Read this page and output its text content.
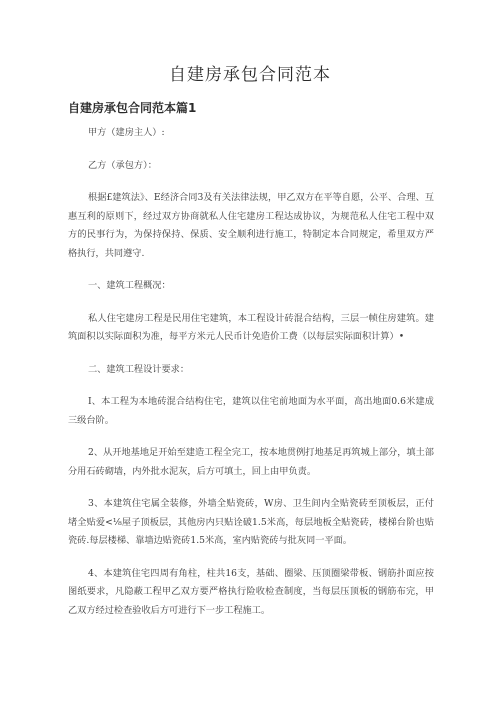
自建房承包合同范本
自建房承包合同范本篇1

甲方（建房主人）:

乙方（承包方）：

根据£建筑法》、E经济合同3及有关法律法规，甲乙双方在平等自愿，公平、合理、互惠互利的原则下，经过双方协商就私人住宅建房工程达成协议，为规范私人住宅工程中双方的民事行为，为保持保持、保质、安全顺利进行施工，特制定本合同规定，希里双方严格执行，共同遵守.

一、建筑工程概况：

私人住宅建房工程是民用住宅建筑，本工程设计砖混合结构，三层一帧住房建筑。建筑面积以实际面积为准，每平方米元人民币计免造价工费（以每层实际面积计算）•

二、建筑工程设计要求：

I、本工程为本地砖混合结构住宅，建筑以住宅前地面为水平面，高出地面0.6米建成三级台阶。

2、从开地基地足开始至建造工程全完工，按本地贯例打地基足再筑城上部分，填土部分用石砖砌墙，内外批水泥灰，后方可填土，回上由甲负责。

3、本建筑住宅属全装修，外墙全贴瓷砖，W房、卫生间内全贴瓷砖至顶板层，正付堵全贴爱<⅛屋子顶板层，其他房内只贴诠破1.5米高，每层地板全贴瓷砖，楼梯台阶也贴瓷砖.每层楼梯、靠墙边贴瓷砖1.5米高，室内贴瓷砖与批灰同一平面。

4、本建筑住宅四周有角柱，柱共16支，基础、圈梁、压顶圈梁带板、钢筋扑面应按图纸要求，凡隐蔽工程甲乙双方要严格执行险收检查制度，当每层压顶板的钢筋布完，甲乙双方经过检查验收后方可进行下一步工程施工。
